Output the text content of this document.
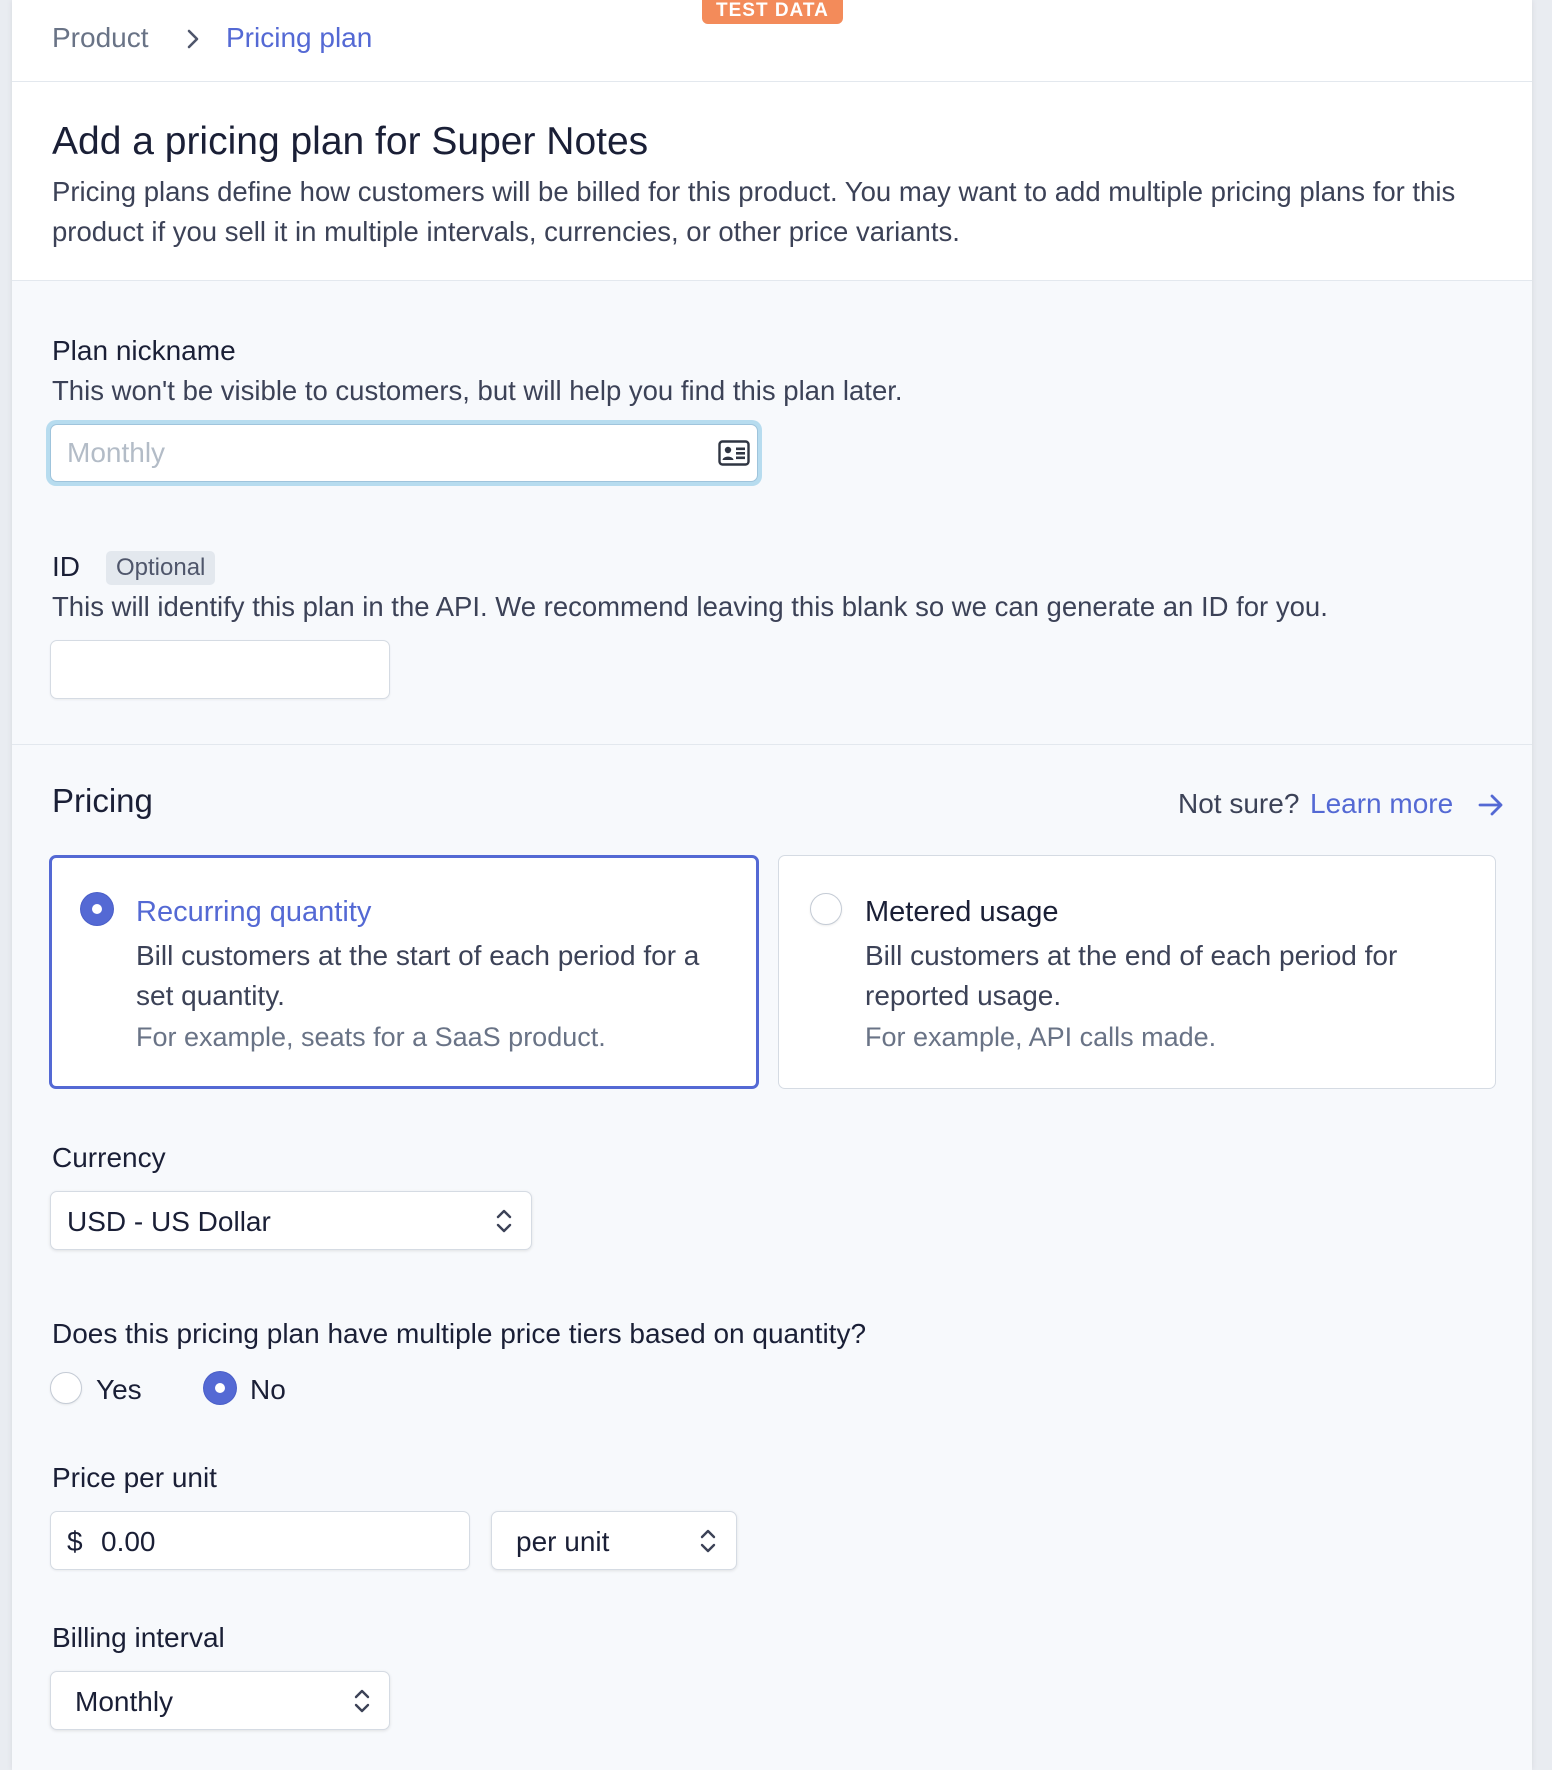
Product	Pricing plan
TEST DATA
Add a pricing plan for Super Notes

Pricing plans define how customers will be billed for this product. You may want to add multiple pricing plans for this product if you sell it in multiple intervals, currencies, or other price variants.

Plan nickname
This won't be visible to customers, but will help you find this plan later.
Monthly
ID	Optional
This will identify this plan in the API. We recommend leaving this blank so we can generate an ID for you.
Pricing	Not sure? Learn more
Recurring quantity
Bill customers at the start of each period for a set quantity.
For example, seats for a SaaS product.
Metered usage
Bill customers at the end of each period for reported usage.
For example, API calls made.
Currency
USD - US Dollar
Does this pricing plan have multiple price tiers based on quantity?
Yes	No
Price per unit
$ 0.00	per unit
Billing interval
Monthly
